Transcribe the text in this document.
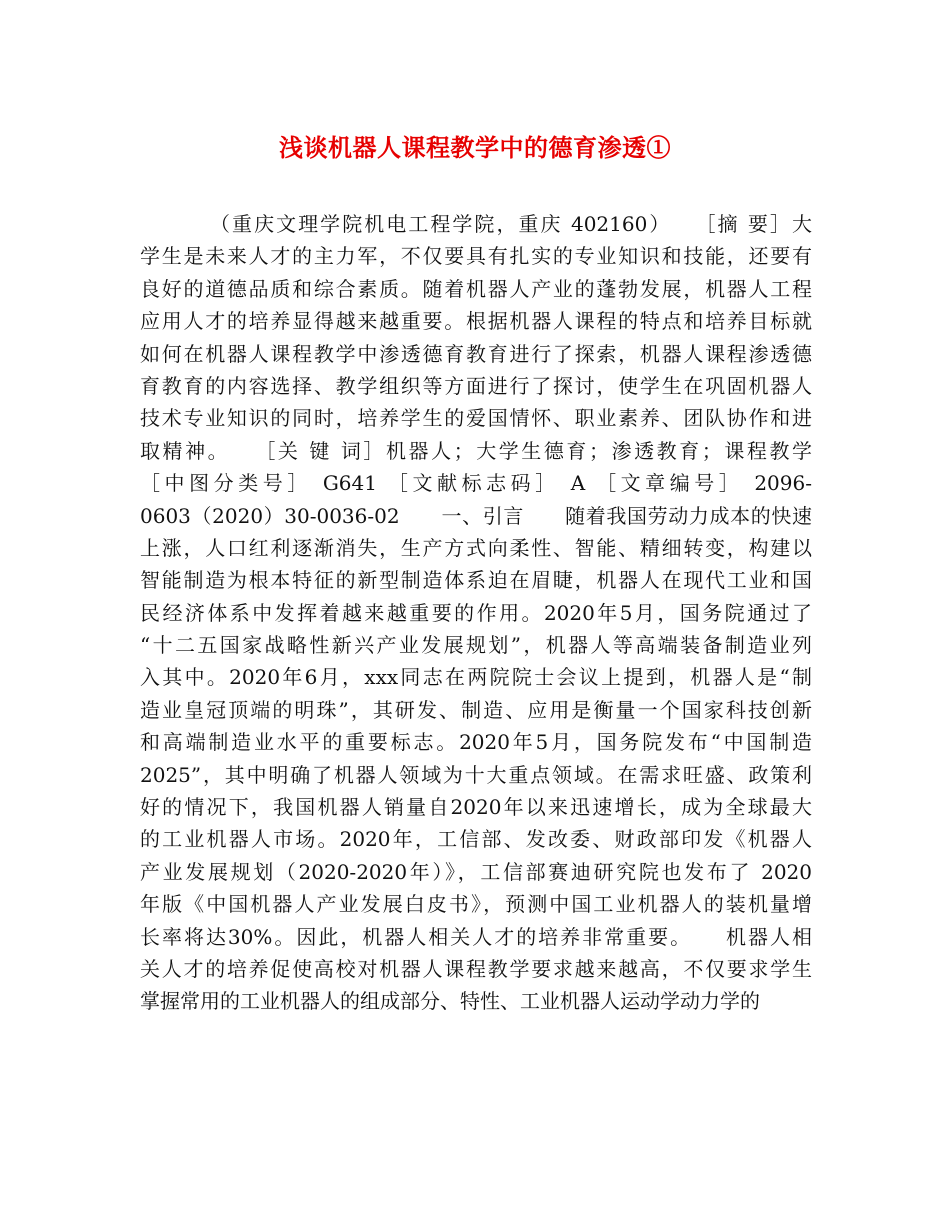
浅谈机器人课程教学中的德育渗透①
（重庆文理学院机电工程学院，重庆 402160）　　［摘 要］大
学生是未来人才的主力军，不仅要具有扎实的专业知识和技能，还要有
良好的道德品质和综合素质。随着机器人产业的蓬勃发展，机器人工程
应用人才的培养显得越来越重要。根据机器人课程的特点和培养目标就
如何在机器人课程教学中渗透德育教育进行了探索，机器人课程渗透德
育教育的内容选择、教学组织等方面进行了探讨，使学生在巩固机器人
技术专业知识的同时，培养学生的爱国情怀、职业素养、团队协作和进
取精神。　　［关 键 词］机器人；大学生德育；渗透教育；课程教学
［中图分类号］ G641 ［文献标志码］ A ［文章编号］ 2096-
0603（2020）30-0036-02　　一、引言　　随着我国劳动力成本的快速
上涨，人口红利逐渐消失，生产方式向柔性、智能、精细转变，构建以
智能制造为根本特征的新型制造体系迫在眉睫，机器人在现代工业和国
民经济体系中发挥着越来越重要的作用。2020年5月，国务院通过了
“十二五国家战略性新兴产业发展规划”，机器人等高端装备制造业列
入其中。2020年6月，xxx同志在两院院士会议上提到，机器人是“制
造业皇冠顶端的明珠”，其研发、制造、应用是衡量一个国家科技创新
和高端制造业水平的重要标志。2020年5月，国务院发布“中国制造
2025”，其中明确了机器人领域为十大重点领域。在需求旺盛、政策利
好的情况下，我国机器人销量自2020年以来迅速增长，成为全球最大
的工业机器人市场。2020年，工信部、发改委、财政部印发《机器人
产业发展规划（2020-2020年）》，工信部赛迪研究院也发布了 2020
年版《中国机器人产业发展白皮书》，预测中国工业机器人的装机量增
长率将达30%。因此，机器人相关人才的培养非常重要。　　机器人相
关人才的培养促使高校对机器人课程教学要求越来越高，不仅要求学生
掌握常用的工业机器人的组成部分、特性、工业机器人运动学动力学的
